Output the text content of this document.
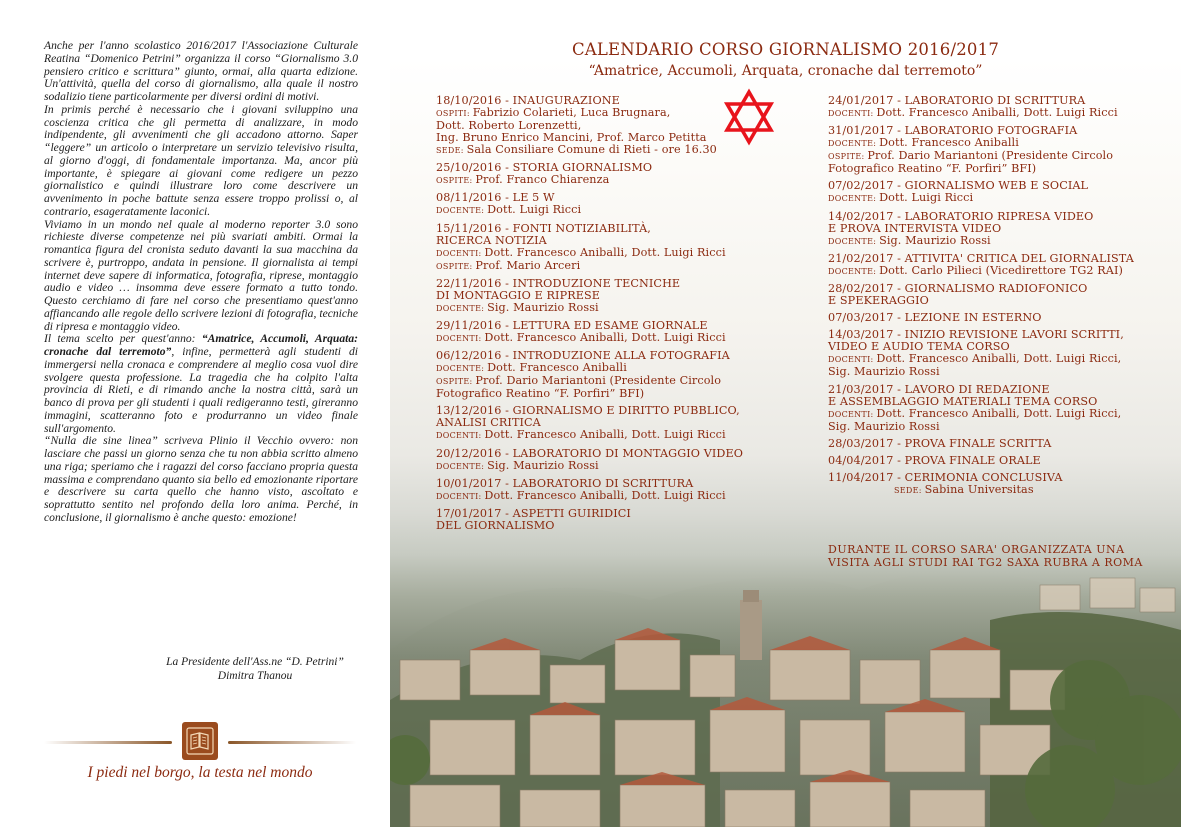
Anche per l'anno scolastico 2016/2017 l'Associazione Culturale Reatina “Domenico Petrini” organizza il corso “Giornalismo 3.0 pensiero critico e scrittura” giunto, ormai, alla quarta edizione. Un'attività, quella del corso di giornalismo, alla quale il nostro sodalizio tiene particolarmente per diversi ordini di motivi.

In primis perché è necessario che i giovani sviluppino una coscienza critica che gli permetta di analizzare, in modo indipendente, gli avvenimenti che gli accadono attorno. Saper “leggere” un articolo o interpretare un servizio televisivo risulta, al giorno d'oggi, di fondamentale importanza. Ma, ancor più importante, è spiegare ai giovani come redigere un pezzo giornalistico e quindi illustrare loro come descrivere un avvenimento in poche battute senza essere troppo prolissi o, al contrario, esageratamente laconici.

Viviamo in un mondo nel quale al moderno reporter 3.0 sono richieste diverse competenze nei più svariati ambiti. Ormai la romantica figura del cronista seduto davanti la sua macchina da scrivere è, purtroppo, andata in pensione. Il giornalista ai tempi internet deve sapere di informatica, fotografia, riprese, montaggio audio e video … insomma deve essere formato a tutto tondo. Questo cerchiamo di fare nel corso che presentiamo quest'anno affiancando alle regole dello scrivere lezioni di fotografia, tecniche di ripresa e montaggio video.

Il tema scelto per quest'anno: “Amatrice, Accumoli, Arquata: cronache dal terremoto”, infine, permetterà agli studenti di immergersi nella cronaca e comprendere al meglio cosa vuol dire svolgere questa professione. La tragedia che ha colpito l'alta provincia di Rieti, e di rimando anche la nostra città, sarà un banco di prova per gli studenti i quali redigeranno testi, gireranno immagini, scatteranno foto e produrranno un video finale sull'argomento.

“Nulla die sine linea” scriveva Plinio il Vecchio ovvero: non lasciare che passi un giorno senza che tu non abbia scritto almeno una riga; speriamo che i ragazzi del corso facciano propria questa massima e comprendano quanto sia bello ed emozionante riportare e descrivere su carta quello che hanno visto, ascoltato e soprattutto sentito nel profondo della loro anima. Perché, in conclusione, il giornalismo è anche questo: emozione!

La Presidente dell'Ass.ne “D. Petrini”
Dimitra Thanou
I piedi nel borgo, la testa nel mondo
CALENDARIO CORSO GIORNALISMO 2016/2017
“Amatrice, Accumoli, Arquata, cronache dal terremoto”
18/10/2016 - INAUGURAZIONE
OSPITI: Fabrizio Colarieti, Luca Brugnara,
Dott. Roberto Lorenzetti,
Ing. Bruno Enrico Mancini, Prof. Marco Petitta
SEDE: Sala Consiliare Comune di Rieti - ore 16.30
25/10/2016 - STORIA GIORNALISMO
OSPITE: Prof. Franco Chiarenza
08/11/2016 - LE 5 W
DOCENTE: Dott. Luigi Ricci
15/11/2016 - FONTI NOTIZIABILITÀ,
RICERCA NOTIZIA
DOCENTI: Dott. Francesco Aniballi, Dott. Luigi Ricci
OSPITE: Prof. Mario Arceri
22/11/2016 - INTRODUZIONE TECNICHE
DI MONTAGGIO E RIPRESE
DOCENTE: Sig. Maurizio Rossi
29/11/2016 - LETTURA ED ESAME GIORNALE
DOCENTI: Dott. Francesco Aniballi, Dott. Luigi Ricci
06/12/2016 - INTRODUZIONE ALLA FOTOGRAFIA
DOCENTE: Dott. Francesco Aniballi
OSPITE: Prof. Dario Mariantoni (Presidente Circolo
Fotografico Reatino “F. Porfiri” BFI)
13/12/2016 - GIORNALISMO E DIRITTO PUBBLICO,
ANALISI CRITICA
DOCENTI: Dott. Francesco Aniballi, Dott. Luigi Ricci
20/12/2016 - LABORATORIO DI MONTAGGIO VIDEO
DOCENTE: Sig. Maurizio Rossi
10/01/2017 - LABORATORIO DI SCRITTURA
DOCENTI: Dott. Francesco Aniballi, Dott. Luigi Ricci
17/01/2017 - ASPETTI GUIRIDICI
DEL GIORNALISMO
24/01/2017 - LABORATORIO DI SCRITTURA
DOCENTI: Dott. Francesco Aniballi, Dott. Luigi Ricci
31/01/2017 - LABORATORIO FOTOGRAFIA
DOCENTE: Dott. Francesco Aniballi
OSPITE: Prof. Dario Mariantoni (Presidente Circolo
Fotografico Reatino “F. Porfiri” BFI)
07/02/2017 - GIORNALISMO WEB E SOCIAL
DOCENTE: Dott. Luigi Ricci
14/02/2017 - LABORATORIO RIPRESA VIDEO
E PROVA INTERVISTA VIDEO
DOCENTE: Sig. Maurizio Rossi
21/02/2017 - ATTIVITA' CRITICA DEL GIORNALISTA
DOCENTE: Dott. Carlo Pilieci (Vicedirettore TG2 RAI)
28/02/2017 - GIORNALISMO RADIOFONICO
E SPEKERAGGIO
07/03/2017 - LEZIONE IN ESTERNO
14/03/2017 - INIZIO REVISIONE LAVORI SCRITTI,
VIDEO E AUDIO TEMA CORSO
DOCENTI: Dott. Francesco Aniballi, Dott. Luigi Ricci,
Sig. Maurizio Rossi
21/03/2017 - LAVORO DI REDAZIONE
E ASSEMBLAGGIO MATERIALI TEMA CORSO
DOCENTI: Dott. Francesco Aniballi, Dott. Luigi Ricci,
Sig. Maurizio Rossi
28/03/2017 - PROVA FINALE SCRITTA
04/04/2017 - PROVA FINALE ORALE
11/04/2017 - CERIMONIA CONCLUSIVA
SEDE: Sabina Universitas
DURANTE IL CORSO SARA' ORGANIZZATA UNA
VISITA AGLI STUDI RAI TG2 SAXA RUBRA A ROMA
